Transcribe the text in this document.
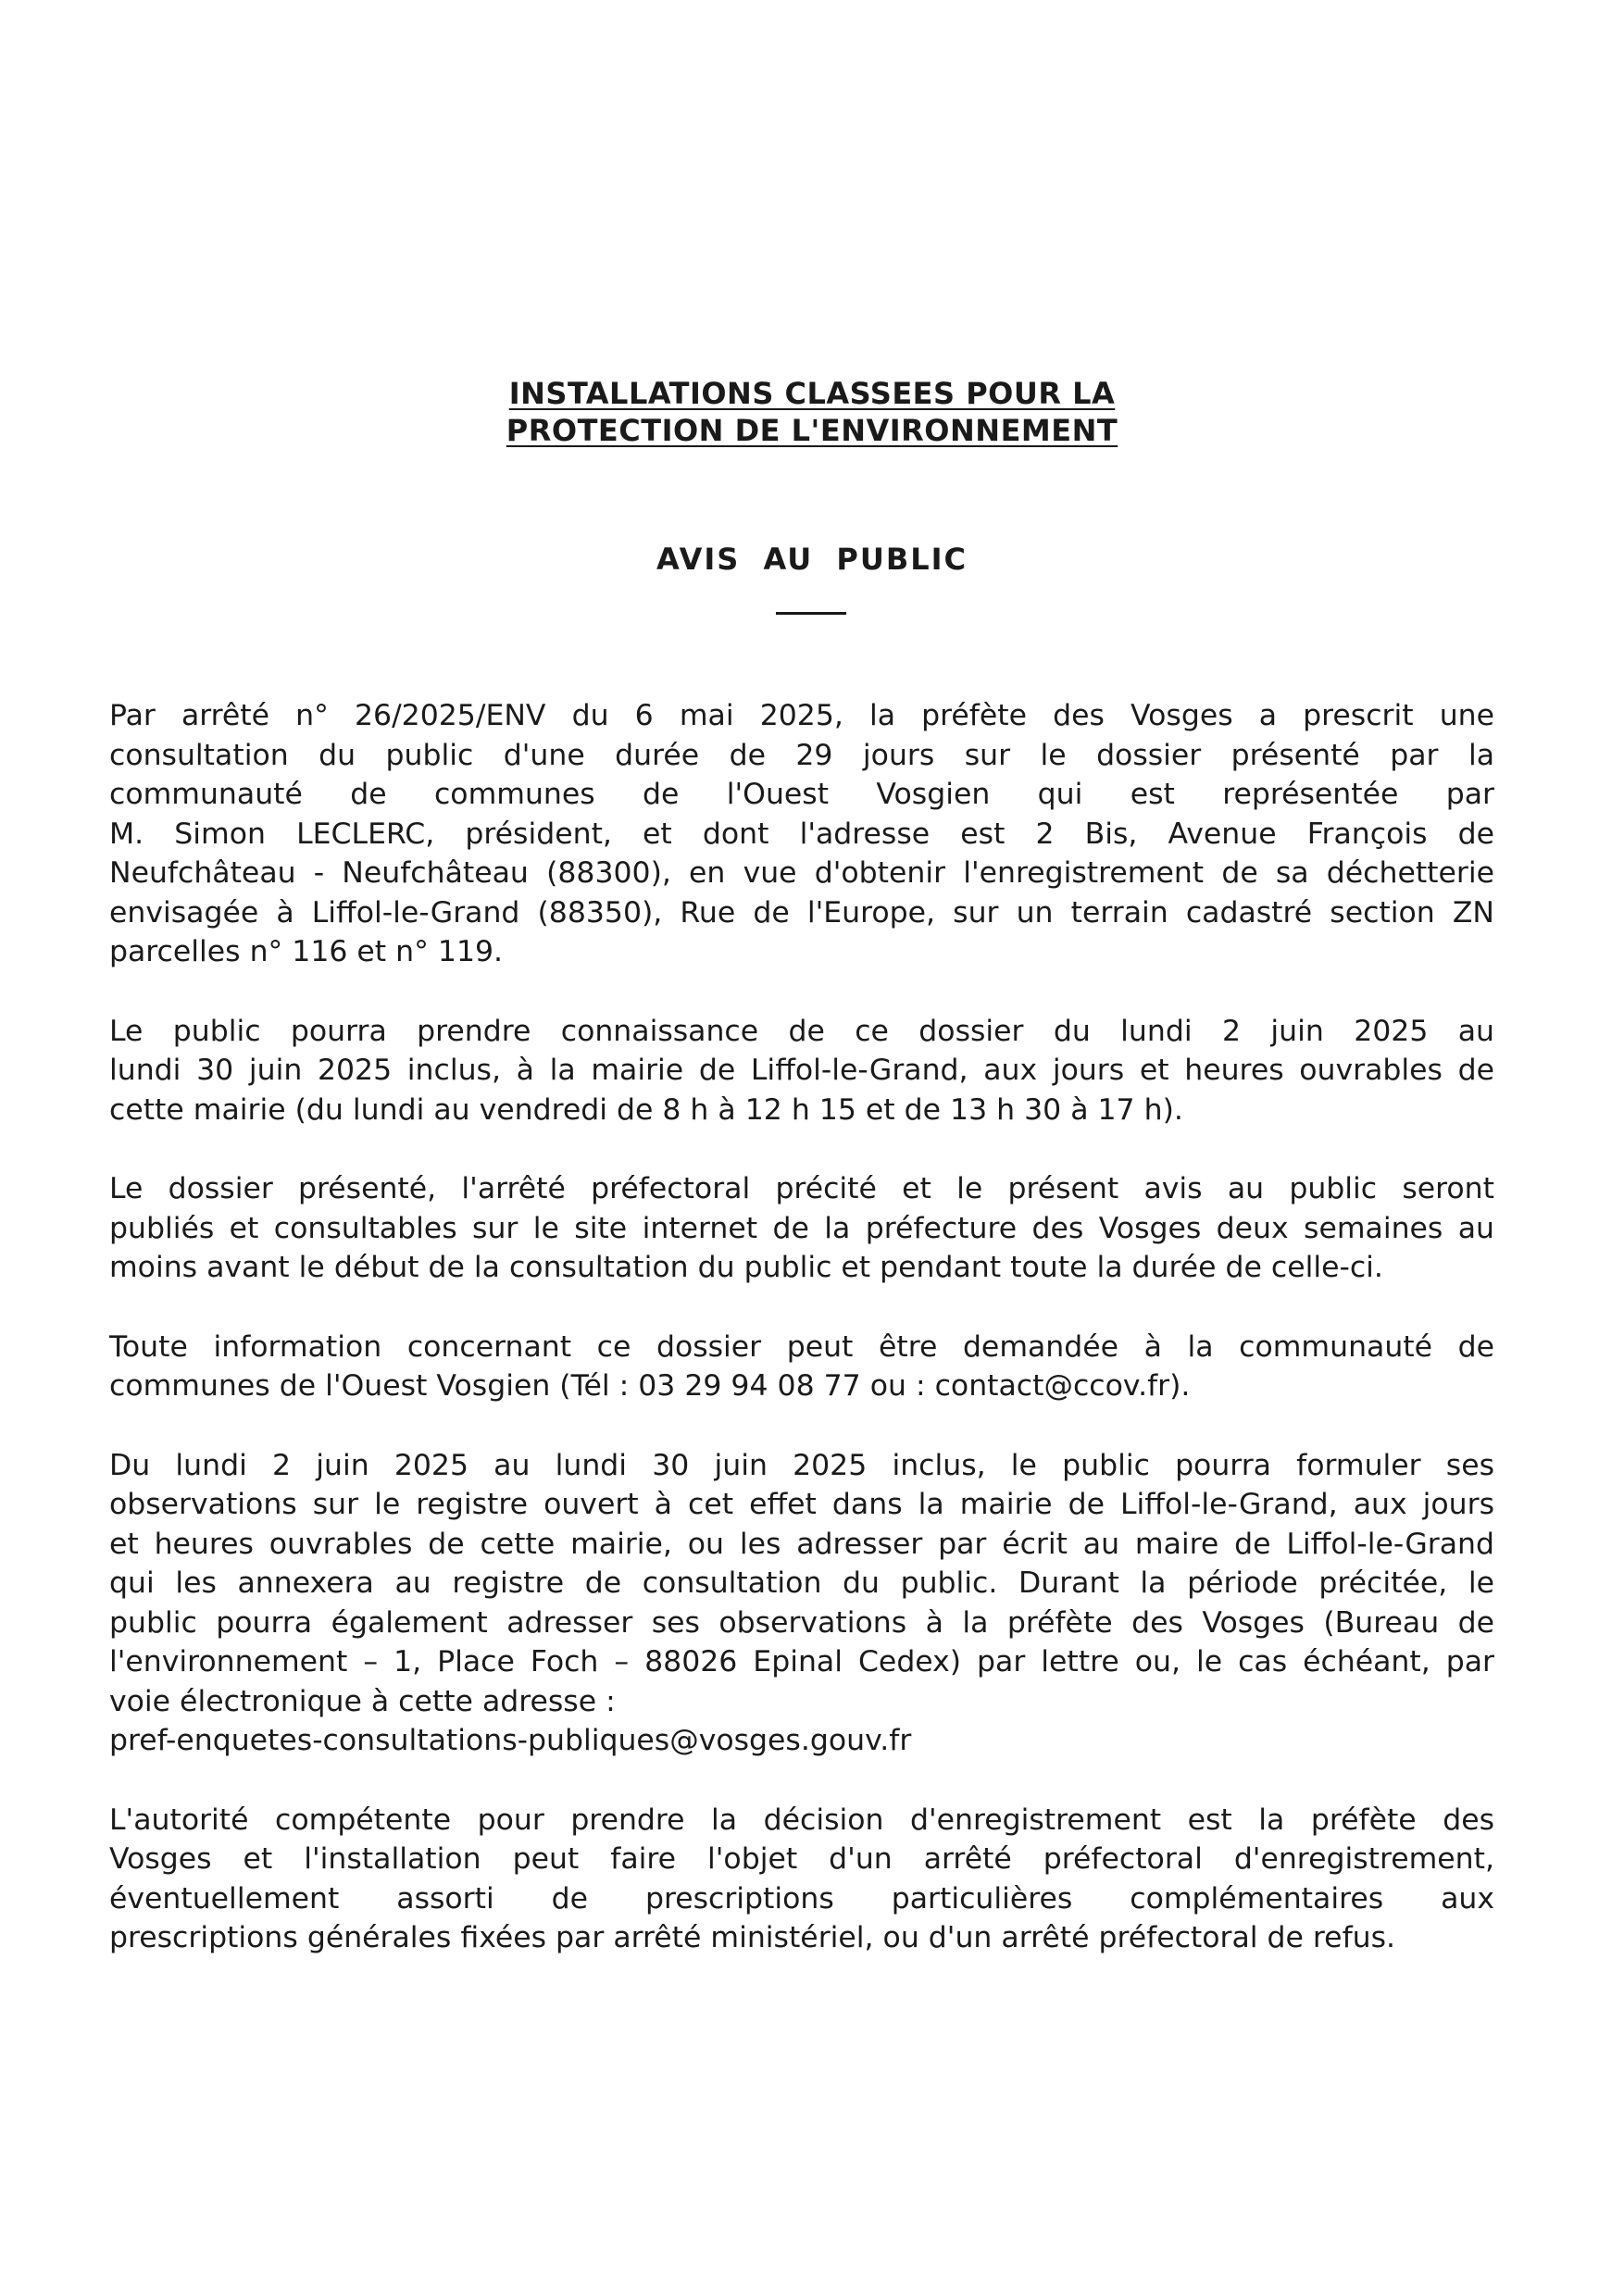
INSTALLATIONS CLASSEES POUR LA
PROTECTION DE L'ENVIRONNEMENT
AVIS AU PUBLIC
Par arrêté n° 26/2025/ENV du 6 mai 2025, la préfète des Vosges a prescrit une
consultation du public d'une durée de 29 jours sur le dossier présenté par la
communauté de communes de l'Ouest Vosgien qui est représentée par
M. Simon LECLERC, président, et dont l'adresse est 2 Bis, Avenue François de
Neufchâteau - Neufchâteau (88300), en vue d'obtenir l'enregistrement de sa déchetterie
envisagée à Liffol-le-Grand (88350), Rue de l'Europe, sur un terrain cadastré section ZN
parcelles n° 116 et n° 119.
Le public pourra prendre connaissance de ce dossier du lundi 2 juin 2025 au
lundi 30 juin 2025 inclus, à la mairie de Liffol-le-Grand, aux jours et heures ouvrables de
cette mairie (du lundi au vendredi de 8 h à 12 h 15 et de 13 h 30 à 17 h).
Le dossier présenté, l'arrêté préfectoral précité et le présent avis au public seront
publiés et consultables sur le site internet de la préfecture des Vosges deux semaines au
moins avant le début de la consultation du public et pendant toute la durée de celle-ci.
Toute information concernant ce dossier peut être demandée à la communauté de
communes de l'Ouest Vosgien (Tél : 03 29 94 08 77 ou : contact@ccov.fr).
Du lundi 2 juin 2025 au lundi 30 juin 2025 inclus, le public pourra formuler ses
observations sur le registre ouvert à cet effet dans la mairie de Liffol-le-Grand, aux jours
et heures ouvrables de cette mairie, ou les adresser par écrit au maire de Liffol-le-Grand
qui les annexera au registre de consultation du public. Durant la période précitée, le
public pourra également adresser ses observations à la préfète des Vosges (Bureau de
l'environnement – 1, Place Foch – 88026 Epinal Cedex) par lettre ou, le cas échéant, par
voie électronique à cette adresse :
pref-enquetes-consultations-publiques@vosges.gouv.fr
L'autorité compétente pour prendre la décision d'enregistrement est la préfète des
Vosges et l'installation peut faire l'objet d'un arrêté préfectoral d'enregistrement,
éventuellement assorti de prescriptions particulières complémentaires aux
prescriptions générales fixées par arrêté ministériel, ou d'un arrêté préfectoral de refus.
